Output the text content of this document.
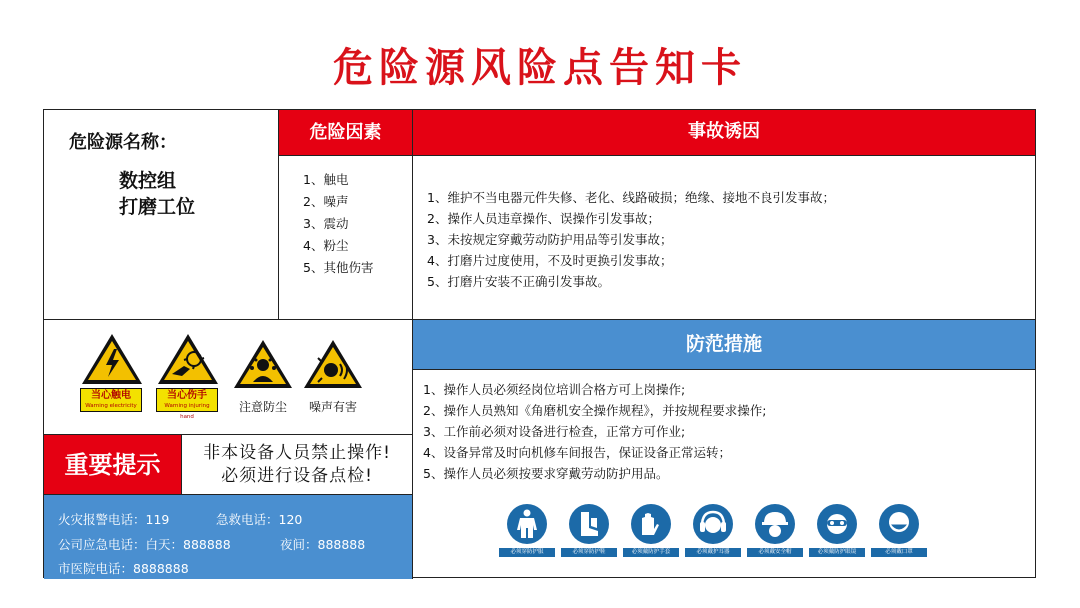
危险源风险点告知卡
危险源名称：
数控组
打磨工位
危险因素
1、触电
2、噪声
3、震动
4、粉尘
5、其他伤害
事故诱因
1、维护不当电器元件失修、老化、线路破损；绝缘、接地不良引发事故；
2、操作人员违章操作、误操作引发事故；
3、未按规定穿戴劳动防护用品等引发事故；
4、打磨片过度使用，不及时更换引发事故；
5、打磨片安装不正确引发事故。
当心触电
Warning electricity
当心伤手
Warning injuring hand
注意防尘	噪声有害
重要提示	非本设备人员禁止操作!
必须进行设备点检!
火灾报警电话：119	急救电话：120
公司应急电话：白天：888888	夜间：888888
市医院电话：8888888
防范措施
1、操作人员必须经岗位培训合格方可上岗操作;
2、操作人员熟知《角磨机安全操作规程》，并按规程要求操作;
3、工作前必须对设备进行检查，正常方可作业;
4、设备异常及时向机修车间报告，保证设备正常运转；
5、操作人员必须按要求穿戴劳动防护用品。
必须穿防护服	必须穿防护鞋	必须戴防护手套	必须戴护耳器	必须戴安全帽	必须戴防护眼镜	必须戴口罩
